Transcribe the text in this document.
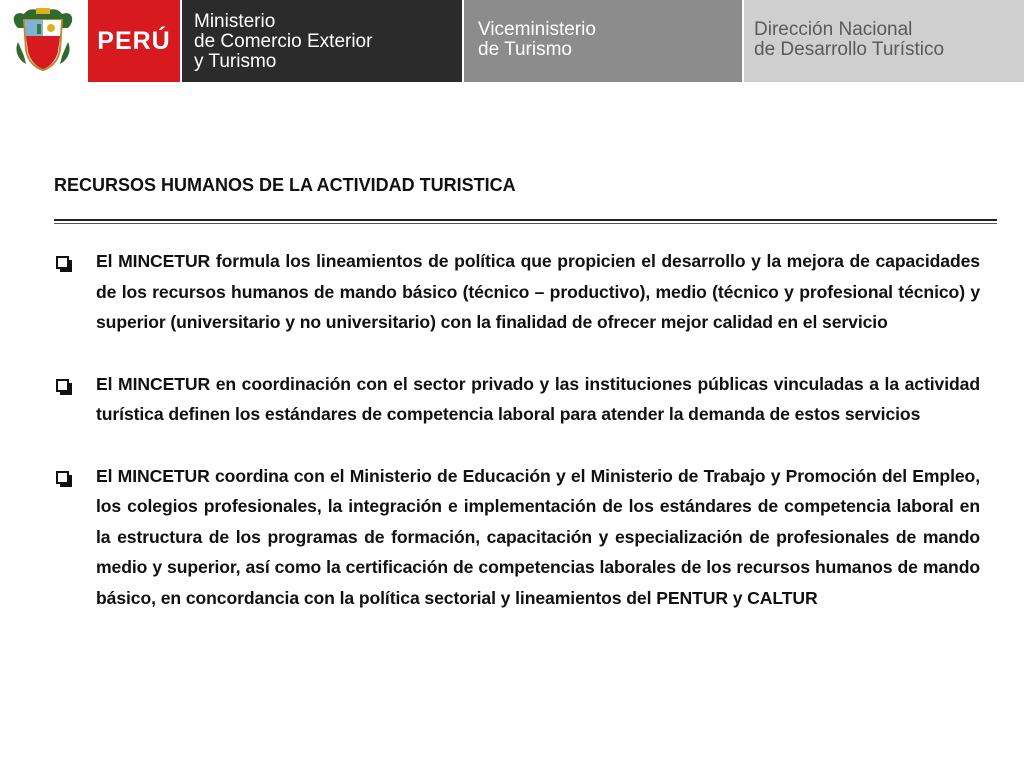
PERÚ
Ministerio
de Comercio Exterior
y Turismo
Viceministerio
de Turismo
Dirección Nacional
de Desarrollo Turístico
RECURSOS HUMANOS DE LA ACTIVIDAD TURISTICA
El MINCETUR formula los lineamientos de política que propicien el desarrollo y la mejora de capacidades de los recursos humanos de mando básico (técnico – productivo), medio (técnico y profesional técnico) y superior (universitario y no universitario) con la finalidad de ofrecer mejor calidad en el servicio
El MINCETUR en coordinación con el sector privado y las instituciones públicas vinculadas a la actividad turística definen los estándares de competencia laboral para atender la demanda de estos servicios
El MINCETUR coordina con el Ministerio de Educación y el Ministerio de Trabajo y Promoción del Empleo, los colegios profesionales, la integración e implementación de los estándares de competencia laboral en la estructura de los programas de formación, capacitación y especialización de profesionales de mando medio y superior, así como la certificación de competencias laborales de los recursos humanos de mando básico, en concordancia con la política sectorial y lineamientos del PENTUR y CALTUR
